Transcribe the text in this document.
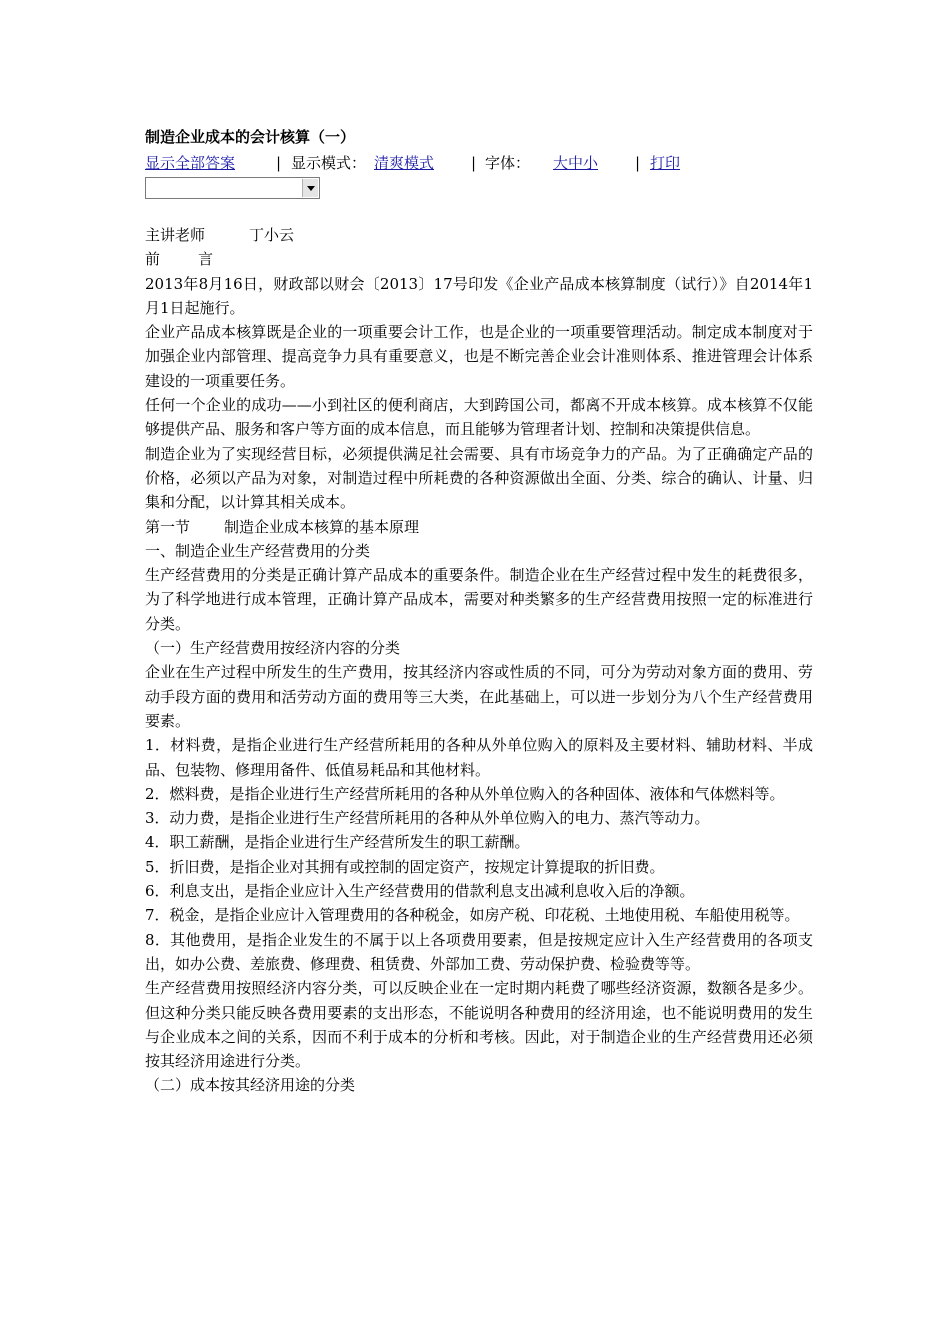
制造企业成本的会计核算（一）
显示全部答案	| 显示模式： 清爽模式 | 字体： 大中小 | 打印

主讲老师	丁小云

前	言

2013年8月16日，财政部以财会〔2013〕17号印发《企业产品成本核算制度（试行）》自2014年1月1日起施行。

企业产品成本核算既是企业的一项重要会计工作，也是企业的一项重要管理活动。制定成本制度对于加强企业内部管理、提高竞争力具有重要意义，也是不断完善企业会计准则体系、推进管理会计体系建设的一项重要任务。

任何一个企业的成功——小到社区的便利商店，大到跨国公司，都离不开成本核算。成本核算不仅能够提供产品、服务和客户等方面的成本信息，而且能够为管理者计划、控制和决策提供信息。

制造企业为了实现经营目标，必须提供满足社会需要、具有市场竞争力的产品。为了正确确定产品的价格，必须以产品为对象，对制造过程中所耗费的各种资源做出全面、分类、综合的确认、计量、归集和分配，以计算其相关成本。

第一节 制造企业成本核算的基本原理

一、制造企业生产经营费用的分类

生产经营费用的分类是正确计算产品成本的重要条件。制造企业在生产经营过程中发生的耗费很多，为了科学地进行成本管理，正确计算产品成本，需要对种类繁多的生产经营费用按照一定的标准进行分类。

（一）生产经营费用按经济内容的分类

企业在生产过程中所发生的生产费用，按其经济内容或性质的不同，可分为劳动对象方面的费用、劳动手段方面的费用和活劳动方面的费用等三大类，在此基础上，可以进一步划分为八个生产经营费用要素。

1．材料费，是指企业进行生产经营所耗用的各种从外单位购入的原料及主要材料、辅助材料、半成品、包装物、修理用备件、低值易耗品和其他材料。

2．燃料费，是指企业进行生产经营所耗用的各种从外单位购入的各种固体、液体和气体燃料等。

3．动力费，是指企业进行生产经营所耗用的各种从外单位购入的电力、蒸汽等动力。

4．职工薪酬，是指企业进行生产经营所发生的职工薪酬。

5．折旧费，是指企业对其拥有或控制的固定资产，按规定计算提取的折旧费。

6．利息支出，是指企业应计入生产经营费用的借款利息支出减利息收入后的净额。

7．税金，是指企业应计入管理费用的各种税金，如房产税、印花税、土地使用税、车船使用税等。

8．其他费用，是指企业发生的不属于以上各项费用要素，但是按规定应计入生产经营费用的各项支出，如办公费、差旅费、修理费、租赁费、外部加工费、劳动保护费、检验费等等。

生产经营费用按照经济内容分类，可以反映企业在一定时期内耗费了哪些经济资源，数额各是多少。但这种分类只能反映各费用要素的支出形态，不能说明各种费用的经济用途，也不能说明费用的发生与企业成本之间的关系，因而不利于成本的分析和考核。因此，对于制造企业的生产经营费用还必须按其经济用途进行分类。

（二）成本按其经济用途的分类
